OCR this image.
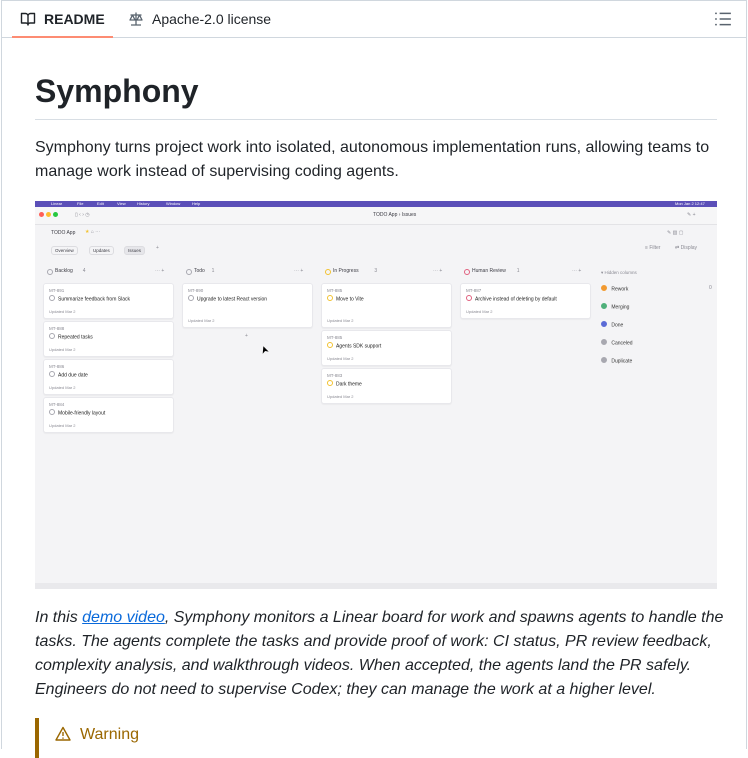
README	Apache-2.0 license
Symphony

Symphony turns project work into isolated, autonomous implementation runs, allowing teams to manage work instead of supervising coding agents.

Linear	File	Edit	View	History	Window	Help	Mon Jan 2 12:47
▯ ‹ › ◷	TODO App › Issues	✎ +
TODO App ★ ⌂ ⋯	✎ ▥ ▢
Overview	Updates	Issues	+	≡ Filter	⇄ Display
Backlog 4	⋯ +
MT-891
Summarize feedback from Slack
Updated Mar 2
MT-888
Repeated tasks
Updated Mar 2
MT-886
Add due date
Updated Mar 2
MT-884
Mobile-friendly layout
Updated Mar 2
Todo 1	⋯ +
MT-890
Upgrade to latest React version
Updated Mar 2
In Progress	3	⋯ +
MT-885
Move to Vite
Updated Mar 2
MT-885
Agents SDK support
Updated Mar 2
MT-883
Dark theme
Updated Mar 2
Human Review 1	⋯ +
MT-887
Archive instead of deleting by default
Updated Mar 2
+
➤
▾ Hidden columns
Rework	0
Merging
Done
Canceled
Duplicate

In this demo video, Symphony monitors a Linear board for work and spawns agents to handle the tasks. The agents complete the tasks and provide proof of work: CI status, PR review feedback, complexity analysis, and walkthrough videos. When accepted, the agents land the PR safely. Engineers do not need to supervise Codex; they can manage the work at a higher level.

Warning
